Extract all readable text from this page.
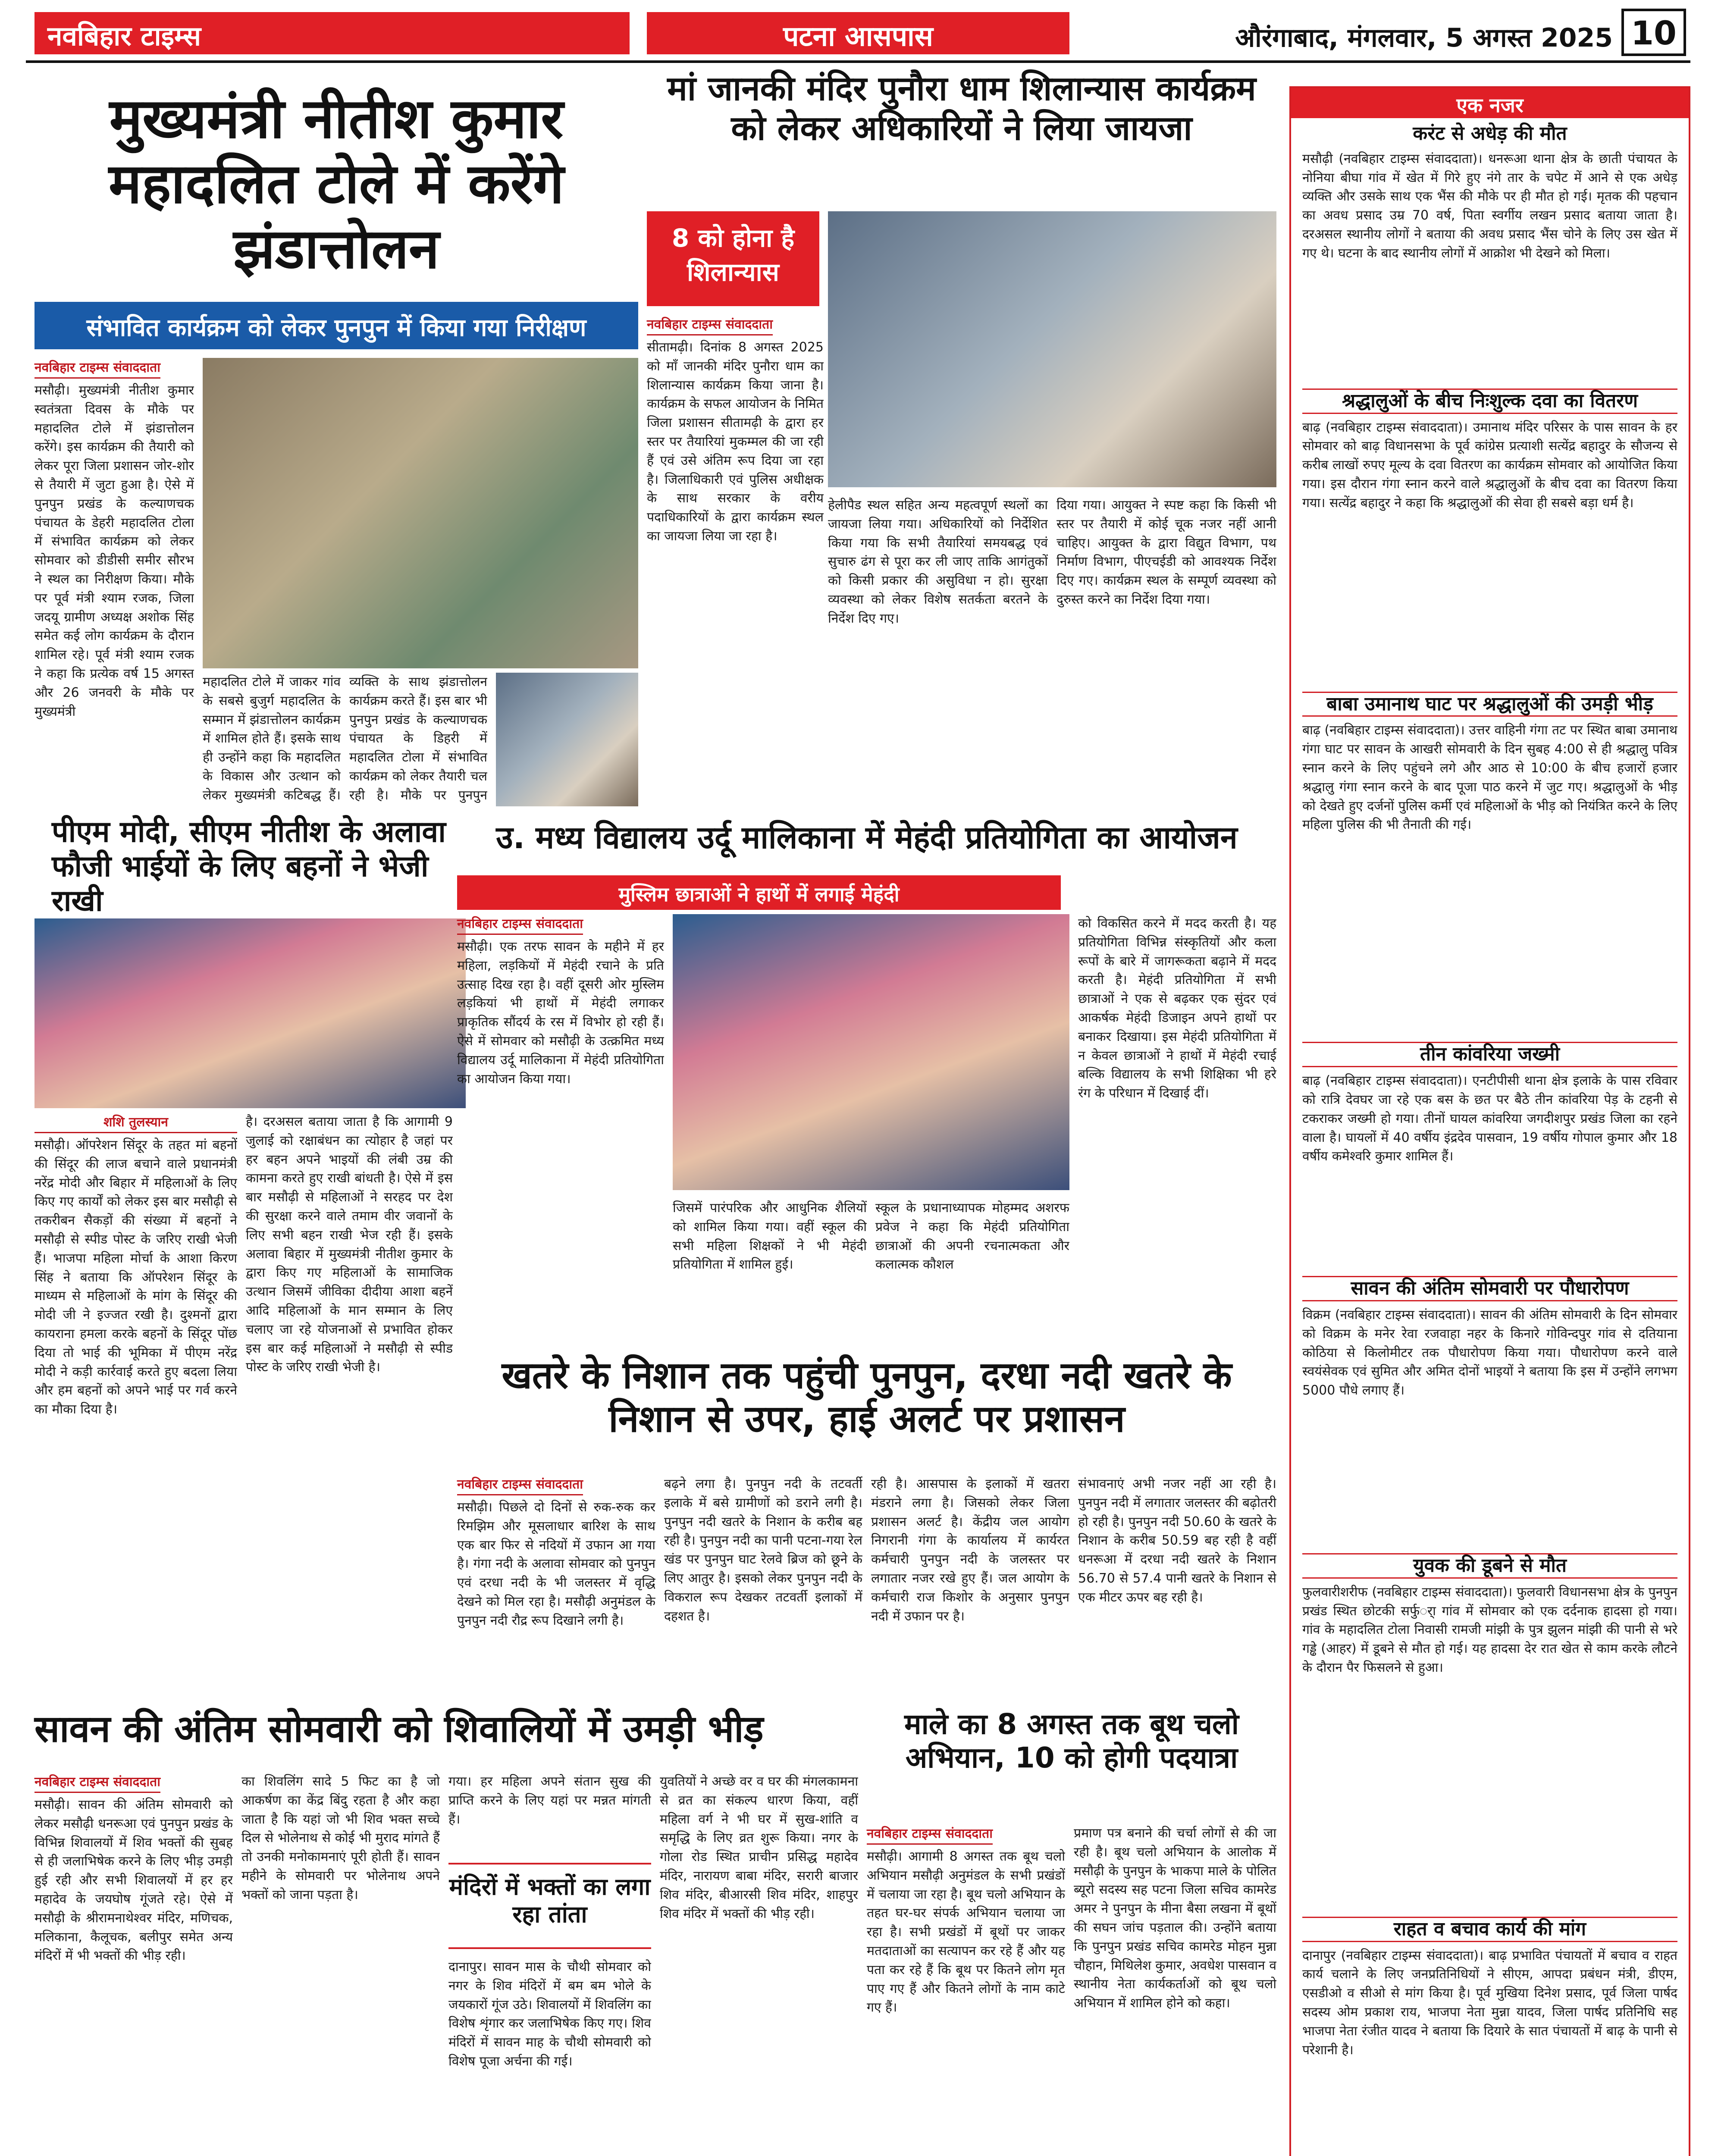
नवबिहार टाइम्स	पटना आसपास	औरंगाबाद, मंगलवार, 5 अगस्त 2025 10
मुख्यमंत्री नीतीश कुमार महादलित टोले में करेंगे झंडात्तोलन
संभावित कार्यक्रम को लेकर पुनपुन में किया गया निरीक्षण
नवबिहार टाइम्स संवाददाता
मसौढ़ी। मुख्यमंत्री नीतीश कुमार स्वतंत्रता दिवस के मौके पर महादलित टोले में झंडात्तोलन करेंगे। इस कार्यक्रम की तैयारी को लेकर पूरा जिला प्रशासन जोर-शोर से तैयारी में जुटा हुआ है। ऐसे में पुनपुन प्रखंड के कल्याणचक पंचायत के डेहरी महादलित टोला में संभावित कार्यक्रम को लेकर सोमवार को डीडीसी समीर सौरभ ने स्थल का निरीक्षण किया। मौके पर पूर्व मंत्री श्याम रजक, जिला जदयू ग्रामीण अध्यक्ष अशोक सिंह समेत कई लोग कार्यक्रम के दौरान शामिल रहे। पूर्व मंत्री श्याम रजक ने कहा कि प्रत्येक वर्ष 15 अगस्त और 26 जनवरी के मौके पर मुख्यमंत्री
महादलित टोले में जाकर गांव के सबसे बुजुर्ग महादलित के सम्मान में झंडात्तोलन कार्यक्रम में शामिल होते हैं। इसके साथ ही उन्होंने कहा कि महादलित के विकास और उत्थान को लेकर मुख्यमंत्री कटिबद्ध हैं।
व्यक्ति के साथ झंडात्तोलन कार्यक्रम करते हैं। इस बार भी पुनपुन प्रखंड के कल्याणचक पंचायत के डिहरी में महादलित टोला में संभावित कार्यक्रम को लेकर तैयारी चल रही है। मौके पर पुनपुन
पीएम मोदी, सीएम नीतीश के अलावा फौजी भाईयों के लिए बहनों ने भेजी राखी
शशि तुलस्यान
मसौढ़ी। ऑपरेशन सिंदूर के तहत मां बहनों की सिंदूर की लाज बचाने वाले प्रधानमंत्री नरेंद्र मोदी और बिहार में महिलाओं के लिए किए गए कार्यों को लेकर इस बार मसौढ़ी से तकरीबन सैकड़ों की संख्या में बहनों ने मसौढ़ी से स्पीड पोस्ट के जरिए राखी भेजी हैं। भाजपा महिला मोर्चा के आशा किरण सिंह ने बताया कि ऑपरेशन सिंदूर के माध्यम से महिलाओं के मांग के सिंदूर की मोदी जी ने इज्जत रखी है। दुश्मनों द्वारा कायराना हमला करके बहनों के सिंदूर पोंछ दिया तो भाई की भूमिका में पीएम नरेंद्र मोदी ने कड़ी कार्रवाई करते हुए बदला लिया और हम बहनों को अपने भाई पर गर्व करने का मौका दिया है।
है। दरअसल बताया जाता है कि आगामी 9 जुलाई को रक्षाबंधन का त्योहार है जहां पर हर बहन अपने भाइयों की लंबी उम्र की कामना करते हुए राखी बांधती है। ऐसे में इस बार मसौढ़ी से महिलाओं ने सरहद पर देश की सुरक्षा करने वाले तमाम वीर जवानों के लिए सभी बहन राखी भेज रही हैं। इसके अलावा बिहार में मुख्यमंत्री नीतीश कुमार के द्वारा किए गए महिलाओं के सामाजिक उत्थान जिसमें जीविका दीदीया आशा बहनें आदि महिलाओं के मान सम्मान के लिए चलाए जा रहे योजनाओं से प्रभावित होकर इस बार कई महिलाओं ने मसौढ़ी से स्पीड पोस्ट के जरिए राखी भेजी है।
मां जानकी मंदिर पुनौरा धाम शिलान्यास कार्यक्रम को लेकर अधिकारियों ने लिया जायजा
8 को होना है शिलान्यास
नवबिहार टाइम्स संवाददाता
सीतामढ़ी। दिनांक 8 अगस्त 2025 को माँ जानकी मंदिर पुनौरा धाम का शिलान्यास कार्यक्रम किया जाना है। कार्यक्रम के सफल आयोजन के निमित जिला प्रशासन सीतामढ़ी के द्वारा हर स्तर पर तैयारियां मुकम्मल की जा रही हैं एवं उसे अंतिम रूप दिया जा रहा है। जिलाधिकारी एवं पुलिस अधीक्षक के साथ सरकार के वरीय पदाधिकारियों के द्वारा कार्यक्रम स्थल का जायजा लिया जा रहा है।
हेलीपैड स्थल सहित अन्य महत्वपूर्ण स्थलों का जायजा लिया गया। अधिकारियों को निर्देशित किया गया कि सभी तैयारियां समयबद्ध एवं सुचारु ढंग से पूरा कर ली जाए ताकि आगंतुकों को किसी प्रकार की असुविधा न हो। सुरक्षा व्यवस्था को लेकर विशेष सतर्कता बरतने के निर्देश दिए गए।
दिया गया। आयुक्त ने स्पष्ट कहा कि किसी भी स्तर पर तैयारी में कोई चूक नजर नहीं आनी चाहिए। आयुक्त के द्वारा विद्युत विभाग, पथ निर्माण विभाग, पीएचईडी को आवश्यक निर्देश दिए गए। कार्यक्रम स्थल के सम्पूर्ण व्यवस्था को दुरुस्त करने का निर्देश दिया गया।
उ. मध्य विद्यालय उर्दू मालिकाना में मेहंदी प्रतियोगिता का आयोजन
मुस्लिम छात्राओं ने हाथों में लगाई मेहंदी
नवबिहार टाइम्स संवाददाता
मसौढ़ी। एक तरफ सावन के महीने में हर महिला, लड़कियों में मेहंदी रचाने के प्रति उत्साह दिख रहा है। वहीं दूसरी ओर मुस्लिम लड़कियां भी हाथों में मेहंदी लगाकर प्राकृतिक सौंदर्य के रस में विभोर हो रही हैं। ऐसे में सोमवार को मसौढ़ी के उत्क्रमित मध्य विद्यालय उर्दू मालिकाना में मेहंदी प्रतियोगिता का आयोजन किया गया।
जिसमें पारंपरिक और आधुनिक शैलियों को शामिल किया गया। वहीं स्कूल की सभी महिला शिक्षकों ने भी मेहंदी प्रतियोगिता में शामिल हुई।
स्कूल के प्रधानाध्यापक मोहम्मद अशरफ प्रवेज ने कहा कि मेहंदी प्रतियोगिता छात्राओं की अपनी रचनात्मकता और कलात्मक कौशल
को विकसित करने में मदद करती है। यह प्रतियोगिता विभिन्न संस्कृतियों और कला रूपों के बारे में जागरूकता बढ़ाने में मदद करती है। मेहंदी प्रतियोगिता में सभी छात्राओं ने एक से बढ़कर एक सुंदर एवं आकर्षक मेहंदी डिजाइन अपने हाथों पर बनाकर दिखाया। इस मेहंदी प्रतियोगिता में न केवल छात्राओं ने हाथों में मेहंदी रचाई बल्कि विद्यालय के सभी शिक्षिका भी हरे रंग के परिधान में दिखाई दीं।
खतरे के निशान तक पहुंची पुनपुन, दरधा नदी खतरे के निशान से उपर, हाई अलर्ट पर प्रशासन
नवबिहार टाइम्स संवाददाता
मसौढ़ी। पिछले दो दिनों से रुक-रुक कर रिमझिम और मूसलाधार बारिश के साथ एक बार फिर से नदियों में उफान आ गया है। गंगा नदी के अलावा सोमवार को पुनपुन एवं दरधा नदी के भी जलस्तर में वृद्धि देखने को मिल रहा है। मसौढ़ी अनुमंडल के पुनपुन नदी रौद्र रूप दिखाने लगी है।
बढ़ने लगा है। पुनपुन नदी के तटवर्ती इलाके में बसे ग्रामीणों को डराने लगी है। पुनपुन नदी खतरे के निशान के करीब बह रही है। पुनपुन नदी का पानी पटना-गया रेल खंड पर पुनपुन घाट रेलवे ब्रिज को छूने के लिए आतुर है। इसको लेकर पुनपुन नदी के विकराल रूप देखकर तटवर्ती इलाकों में दहशत है।
रही है। आसपास के इलाकों में खतरा मंडराने लगा है। जिसको लेकर जिला प्रशासन अलर्ट है। केंद्रीय जल आयोग निगरानी गंगा के कार्यालय में कार्यरत कर्मचारी पुनपुन नदी के जलस्तर पर लगातार नजर रखे हुए हैं। जल आयोग के कर्मचारी राज किशोर के अनुसार पुनपुन नदी में उफान पर है।
संभावनाएं अभी नजर नहीं आ रही है। पुनपुन नदी में लगातार जलस्तर की बढ़ोतरी हो रही है। पुनपुन नदी 50.60 के खतरे के निशान के करीब 50.59 बह रही है वहीं धनरूआ में दरधा नदी खतरे के निशान 56.70 से 57.4 पानी खतरे के निशान से एक मीटर ऊपर बह रही है।
सावन की अंतिम सोमवारी को शिवालियों में उमड़ी भीड़
नवबिहार टाइम्स संवाददाता
मसौढ़ी। सावन की अंतिम सोमवारी को लेकर मसौढ़ी धनरूआ एवं पुनपुन प्रखंड के विभिन्न शिवालयों में शिव भक्तों की सुबह से ही जलाभिषेक करने के लिए भीड़ उमड़ी हुई रही और सभी शिवालयों में हर हर महादेव के जयघोष गूंजते रहे। ऐसे में मसौढ़ी के श्रीरामनाथेश्वर मंदिर, मणिचक, मलिकाना, कैलूचक, बलीपुर समेत अन्य मंदिरों में भी भक्तों की भीड़ रही।
का शिवलिंग सादे 5 फिट का है जो आकर्षण का केंद्र बिंदु रहता है और कहा जाता है कि यहां जो भी शिव भक्त सच्चे दिल से भोलेनाथ से कोई भी मुराद मांगते हैं तो उनकी मनोकामनाएं पूरी होती हैं। सावन महीने के सोमवारी पर भोलेनाथ अपने भक्तों को जाना पड़ता है।
गया। हर महिला अपने संतान सुख की प्राप्ति करने के लिए यहां पर मन्नत मांगती हैं।
मंदिरों में भक्तों का लगा रहा तांता
दानापुर। सावन मास के चौथी सोमवार को नगर के शिव मंदिरों में बम बम भोले के जयकारों गूंज उठे। शिवालयों में शिवलिंग का विशेष शृंगार कर जलाभिषेक किए गए। शिव मंदिरों में सावन माह के चौथी सोमवारी को विशेष पूजा अर्चना की गई।
युवतियों ने अच्छे वर व घर की मंगलकामना से व्रत का संकल्प धारण किया, वहीं महिला वर्ग ने भी घर में सुख-शांति व समृद्धि के लिए व्रत शुरू किया। नगर के गोला रोड स्थित प्राचीन प्रसिद्ध महादेव मंदिर, नारायण बाबा मंदिर, सरारी बाजार शिव मंदिर, बीआरसी शिव मंदिर, शाहपुर शिव मंदिर में भक्तों की भीड़ रही।
माले का 8 अगस्त तक बूथ चलो अभियान, 10 को होगी पदयात्रा
नवबिहार टाइम्स संवाददाता
मसौढ़ी। आगामी 8 अगस्त तक बूथ चलो अभियान मसौढ़ी अनुमंडल के सभी प्रखंडों में चलाया जा रहा है। बूथ चलो अभियान के तहत घर-घर संपर्क अभियान चलाया जा रहा है। सभी प्रखंडों में बूथों पर जाकर मतदाताओं का सत्यापन कर रहे हैं और यह पता कर रहे हैं कि बूथ पर कितने लोग मृत पाए गए हैं और कितने लोगों के नाम काटे गए हैं।
प्रमाण पत्र बनाने की चर्चा लोगों से की जा रही है। बूथ चलो अभियान के आलोक में मसौढ़ी के पुनपुन के भाकपा माले के पोलित ब्यूरो सदस्य सह पटना जिला सचिव कामरेड अमर ने पुनपुन के मीना बैसा लखना में बूथों की सघन जांच पड़ताल की। उन्होंने बताया कि पुनपुन प्रखंड सचिव कामरेड मोहन मुन्ना चौहान, मिथिलेश कुमार, अवधेश पासवान व स्थानीय नेता कार्यकर्ताओं को बूथ चलो अभियान में शामिल होने को कहा।
एक नजर
करंट से अधेड़ की मौत
मसौढ़ी (नवबिहार टाइम्स संवाददाता)। धनरूआ थाना क्षेत्र के छाती पंचायत के नोनिया बीघा गांव में खेत में गिरे हुए नंगे तार के चपेट में आने से एक अधेड़ व्यक्ति और उसके साथ एक भैंस की मौके पर ही मौत हो गई। मृतक की पहचान का अवध प्रसाद उम्र 70 वर्ष, पिता स्वर्गीय लखन प्रसाद बताया जाता है। दरअसल स्थानीय लोगों ने बताया की अवध प्रसाद भैंस चोने के लिए उस खेत में गए थे। घटना के बाद स्थानीय लोगों में आक्रोश भी देखने को मिला।
श्रद्धालुओं के बीच निःशुल्क दवा का वितरण
बाढ़ (नवबिहार टाइम्स संवाददाता)। उमानाथ मंदिर परिसर के पास सावन के हर सोमवार को बाढ़ विधानसभा के पूर्व कांग्रेस प्रत्याशी सत्येंद्र बहादुर के सौजन्य से करीब लाखों रुपए मूल्य के दवा वितरण का कार्यक्रम सोमवार को आयोजित किया गया। इस दौरान गंगा स्नान करने वाले श्रद्धालुओं के बीच दवा का वितरण किया गया। सत्येंद्र बहादुर ने कहा कि श्रद्धालुओं की सेवा ही सबसे बड़ा धर्म है।
बाबा उमानाथ घाट पर श्रद्धालुओं की उमड़ी भीड़
बाढ़ (नवबिहार टाइम्स संवाददाता)। उत्तर वाहिनी गंगा तट पर स्थित बाबा उमानाथ गंगा घाट पर सावन के आखरी सोमवारी के दिन सुबह 4:00 से ही श्रद्धालु पवित्र स्नान करने के लिए पहुंचने लगे और आठ से 10:00 के बीच हजारों हजार श्रद्धालु गंगा स्नान करने के बाद पूजा पाठ करने में जुट गए। श्रद्धालुओं के भीड़ को देखते हुए दर्जनों पुलिस कर्मी एवं महिलाओं के भीड़ को नियंत्रित करने के लिए महिला पुलिस की भी तैनाती की गई।
तीन कांवरिया जख्मी
बाढ़ (नवबिहार टाइम्स संवाददाता)। एनटीपीसी थाना क्षेत्र इलाके के पास रविवार को रात्रि देवघर जा रहे एक बस के छत पर बैठे तीन कांवरिया पेड़ के टहनी से टकराकर जख्मी हो गया। तीनों घायल कांवरिया जगदीशपुर प्रखंड जिला का रहने वाला है। घायलों में 40 वर्षीय इंद्रदेव पासवान, 19 वर्षीय गोपाल कुमार और 18 वर्षीय कमेश्वरि कुमार शामिल हैं।
सावन की अंतिम सोमवारी पर पौधारोपण
विक्रम (नवबिहार टाइम्स संवाददाता)। सावन की अंतिम सोमवारी के दिन सोमवार को विक्रम के मनेर रेवा रजवाहा नहर के किनारे गोविन्दपुर गांव से दतियाना कोठिया से किलोमीटर तक पौधारोपण किया गया। पौधारोपण करने वाले स्वयंसेवक एवं सुमित और अमित दोनों भाइयों ने बताया कि इस में उन्होंने लगभग 5000 पौधे लगाए हैं।
युवक की डूबने से मौत
फुलवारीशरीफ (नवबिहार टाइम्स संवाददाता)। फुलवारी विधानसभा क्षेत्र के पुनपुन प्रखंड स्थित छोटकी सर्फुर्ा गांव में सोमवार को एक दर्दनाक हादसा हो गया। गांव के महादलित टोला निवासी रामजी मांझी के पुत्र झुलन मांझी की पानी से भरे गड्ढे (आहर) में डूबने से मौत हो गई। यह हादसा देर रात खेत से काम करके लौटने के दौरान पैर फिसलने से हुआ।
राहत व बचाव कार्य की मांग
दानापुर (नवबिहार टाइम्स संवाददाता)। बाढ़ प्रभावित पंचायतों में बचाव व राहत कार्य चलाने के लिए जनप्रतिनिधियों ने सीएम, आपदा प्रबंधन मंत्री, डीएम, एसडीओ व सीओ से मांग किया है। पूर्व मुखिया दिनेश प्रसाद, पूर्व जिला पार्षद सदस्य ओम प्रकाश राय, भाजपा नेता मुन्ना यादव, जिला पार्षद प्रतिनिधि सह भाजपा नेता रंजीत यादव ने बताया कि दियारे के सात पंचायतों में बाढ़ के पानी से परेशानी है।
